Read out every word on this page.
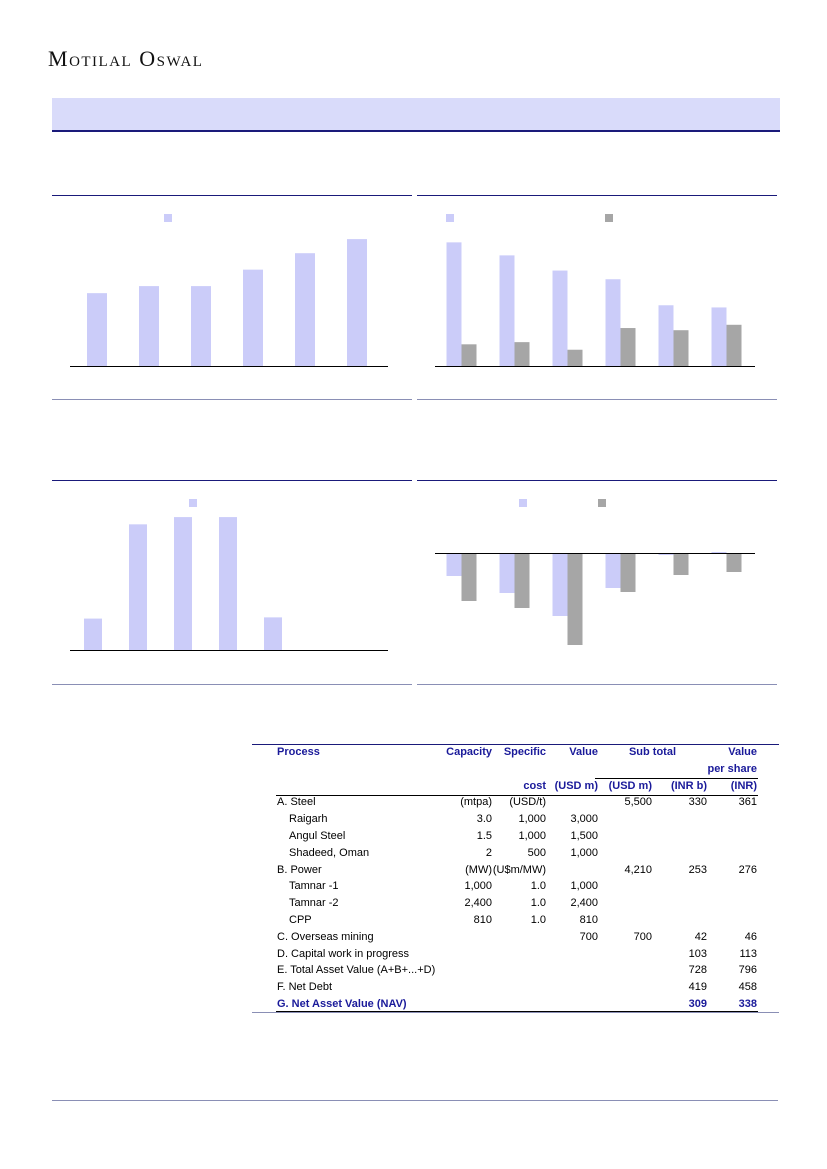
MOTILAL OSWAL
Process	Capacity	Specific	Value	Sub total		Value
						per share
		cost	(USD m)	(USD m)	(INR b)	(INR)
A. Steel	(mtpa)	(USD/t)		5,500	330	361
Raigarh	3.0	1,000	3,000			
Angul Steel	1.5	1,000	1,500			
Shadeed, Oman	2	500	1,000			
B. Power	(MW)	(U$m/MW)		4,210	253	276
Tamnar -1	1,000	1.0	1,000			
Tamnar -2	2,400	1.0	2,400			
CPP	810	1.0	810			
C. Overseas mining			700	700	42	46
D. Capital work in progress					103	113
E. Total Asset Value (A+B+...+D)					728	796
F. Net Debt					419	458
G. Net Asset Value (NAV)					309	338
